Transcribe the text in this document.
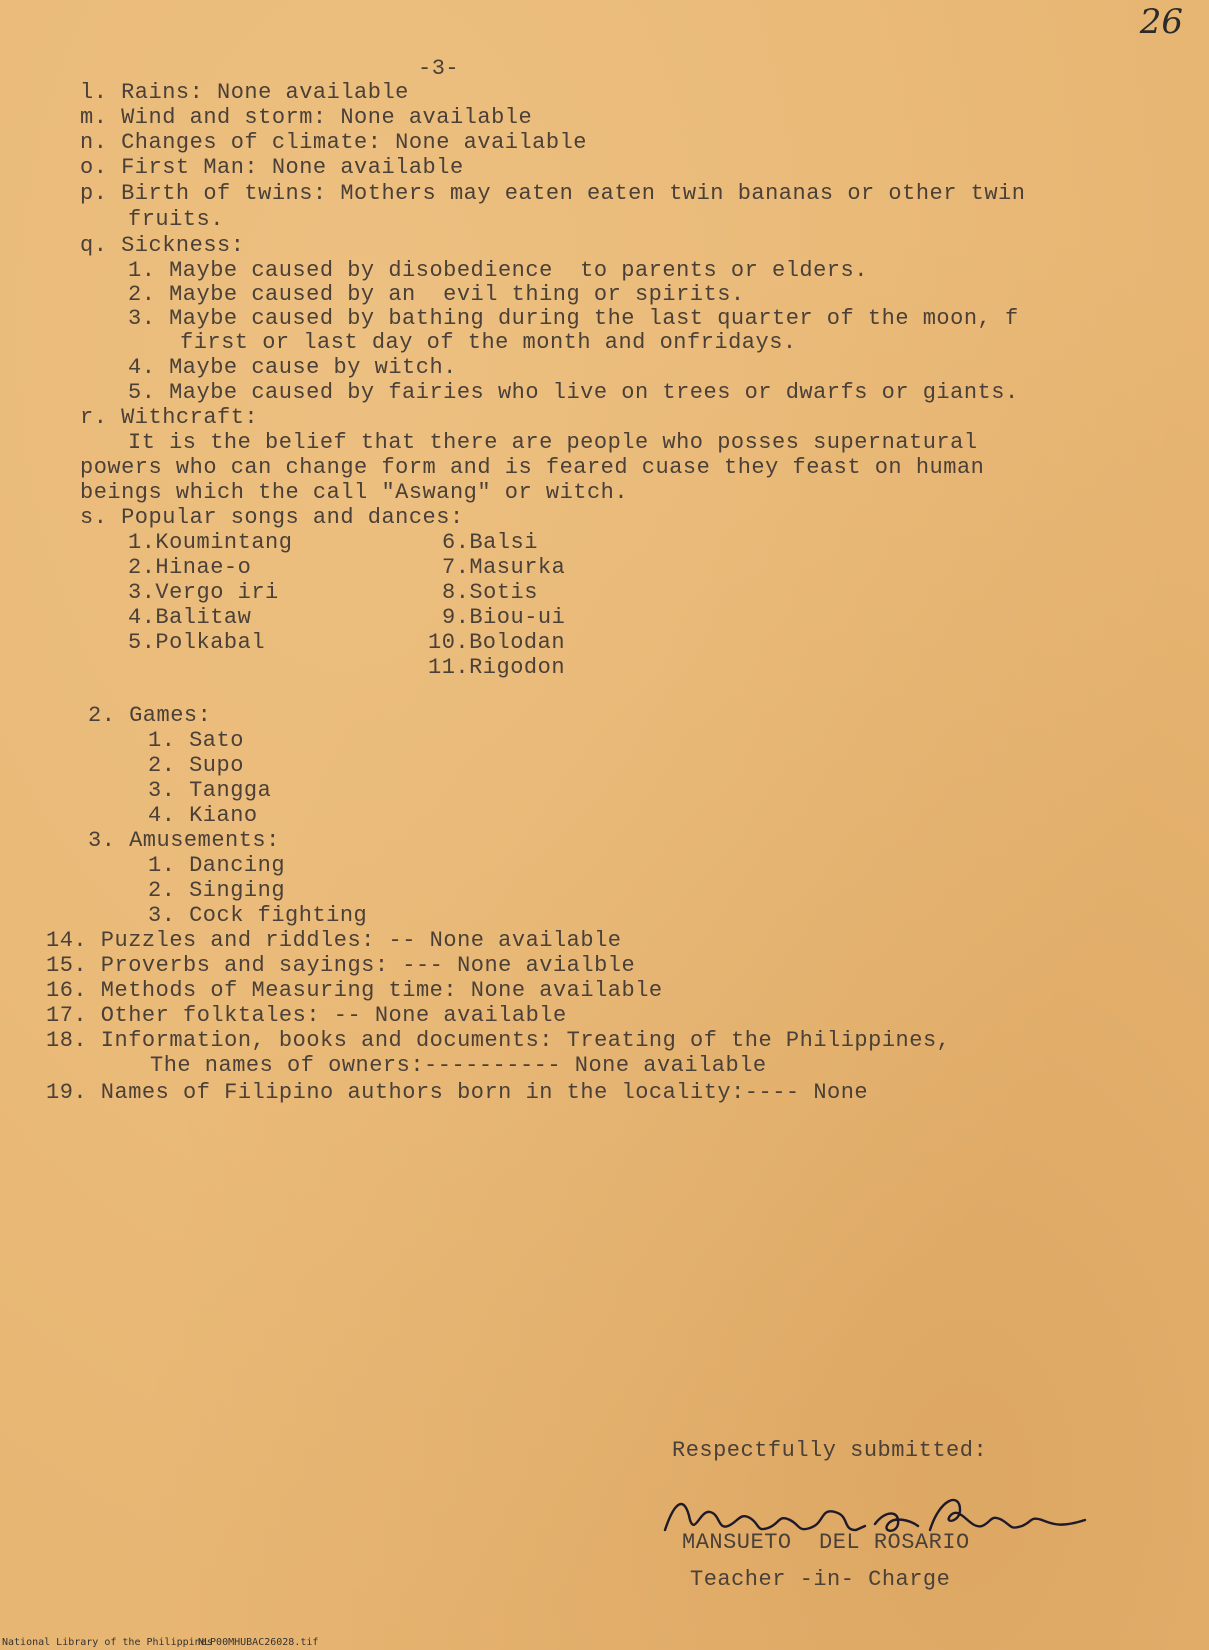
26
-3-
l. Rains: None available
m. Wind and storm: None available
n. Changes of climate: None available
o. First Man: None available
p. Birth of twins: Mothers may eaten eaten twin bananas or other twin
fruits.
q. Sickness:
1. Maybe caused by disobedience  to parents or elders.
2. Maybe caused by an  evil thing or spirits.
3. Maybe caused by bathing during the last quarter of the moon, f
first or last day of the month and onfridays.
4. Maybe cause by witch.
5. Maybe caused by fairies who live on trees or dwarfs or giants.
r. Withcraft:
It is the belief that there are people who posses supernatural
powers who can change form and is feared cuase they feast on human
beings which the call "Aswang" or witch.
s. Popular songs and dances:
1.Koumintang
2.Hinae-o
3.Vergo iri
4.Balitaw
5.Polkabal
6.Balsi
7.Masurka
8.Sotis
9.Biou-ui
10.Bolodan
11.Rigodon
2. Games:
1. Sato
2. Supo
3. Tangga
4. Kiano
3. Amusements:
1. Dancing
2. Singing
3. Cock fighting
14. Puzzles and riddles: -- None available
15. Proverbs and sayings: --- None avialble
16. Methods of Measuring time: None available
17. Other folktales: -- None available
18. Information, books and documents: Treating of the Philippines,
The names of owners:---------- None available
19. Names of Filipino authors born in the locality:---- None
Respectfully submitted:
MANSUETO  DEL ROSARIO
Teacher -in- Charge
National Library of the Philippines
NLP00MHUBAC26028.tif
